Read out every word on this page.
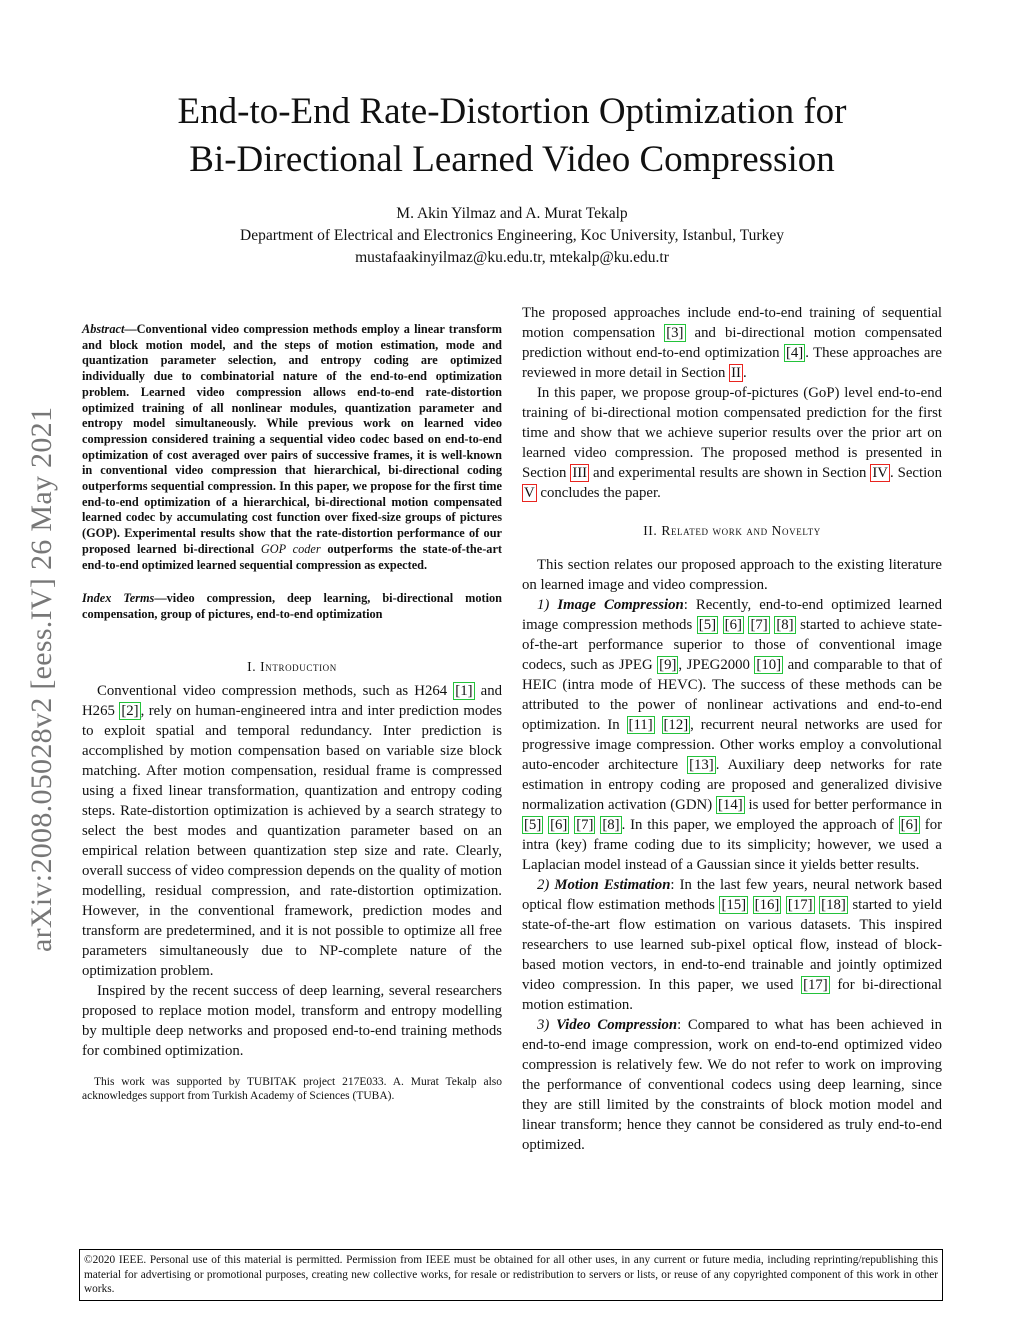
End-to-End Rate-Distortion Optimization for
Bi-Directional Learned Video Compression
M. Akin Yilmaz and A. Murat Tekalp
Department of Electrical and Electronics Engineering, Koc University, Istanbul, Turkey
mustafaakinyilmaz@ku.edu.tr, mtekalp@ku.edu.tr
arXiv:2008.05028v2 [eess.IV] 26 May 2021

Abstract—Conventional video compression methods employ a linear transform and block motion model, and the steps of motion estimation, mode and quantization parameter selection, and entropy coding are optimized individually due to combinatorial nature of the end-to-end optimization problem. Learned video compression allows end-to-end rate-distortion optimized training of all nonlinear modules, quantization parameter and entropy model simultaneously. While previous work on learned video compression considered training a sequential video codec based on end-to-end optimization of cost averaged over pairs of successive frames, it is well-known in conventional video compression that hierarchical, bi-directional coding outperforms sequential compression. In this paper, we propose for the first time end-to-end optimization of a hierarchical, bi-directional motion compensated learned codec by accumulating cost function over fixed-size groups of pictures (GOP). Experimental results show that the rate-distortion performance of our proposed learned bi-directional GOP coder outperforms the state-of-the-art end-to-end optimized learned sequential compression as expected.

Index Terms—video compression, deep learning, bi-directional motion compensation, group of pictures, end-to-end optimization

I. Introduction

Conventional video compression methods, such as H264 [1] and H265 [2] , rely on human-engineered intra and inter prediction modes to exploit spatial and temporal redundancy. Inter prediction is accomplished by motion compensation based on variable size block matching. After motion compensation, residual frame is compressed using a fixed linear transformation, quantization and entropy coding steps. Rate-distortion optimization is achieved by a search strategy to select the best modes and quantization parameter based on an empirical relation between quantization step size and rate. Clearly, overall success of video compression depends on the quality of motion modelling, residual compression, and rate-distortion optimization. However, in the conventional framework, prediction modes and transform are predetermined, and it is not possible to optimize all free parameters simultaneously due to NP-complete nature of the optimization problem.

Inspired by the recent success of deep learning, several researchers proposed to replace motion model, transform and entropy modelling by multiple deep networks and proposed end-to-end training methods for combined optimization.

This work was supported by TUBITAK project 217E033. A. Murat Tekalp also acknowledges support from Turkish Academy of Sciences (TUBA).

The proposed approaches include end-to-end training of sequential motion compensation [3] and bi-directional motion compensated prediction without end-to-end optimization [4] . These approaches are reviewed in more detail in Section II .

In this paper, we propose group-of-pictures (GoP) level end-to-end training of bi-directional motion compensated prediction for the first time and show that we achieve superior results over the prior art on learned video compression. The proposed method is presented in Section III and experimental results are shown in Section IV . Section V concludes the paper.

II. Related work and Novelty

This section relates our proposed approach to the existing literature on learned image and video compression.

1) Image Compression: Recently, end-to-end optimized learned image compression methods [5] [6] [7] [8] started to achieve state-of-the-art performance superior to those of conventional image codecs, such as JPEG [9] , JPEG2000 [10] and comparable to that of HEIC (intra mode of HEVC). The success of these methods can be attributed to the power of nonlinear activations and end-to-end optimization. In [11] [12] , recurrent neural networks are used for progressive image compression. Other works employ a convolutional auto-encoder architecture [13] . Auxiliary deep networks for rate estimation in entropy coding are proposed and generalized divisive normalization activation (GDN) [14] is used for better performance in [5] [6] [7] [8] . In this paper, we employed the approach of [6] for intra (key) frame coding due to its simplicity; however, we used a Laplacian model instead of a Gaussian since it yields better results.

2) Motion Estimation: In the last few years, neural network based optical flow estimation methods [15] [16] [17] [18] started to yield state-of-the-art flow estimation on various datasets. This inspired researchers to use learned sub-pixel optical flow, instead of block-based motion vectors, in end-to-end trainable and jointly optimized video compression. In this paper, we used [17] for bi-directional motion estimation.

3) Video Compression: Compared to what has been achieved in end-to-end image compression, work on end-to-end optimized video compression is relatively few. We do not refer to work on improving the performance of conventional codecs using deep learning, since they are still limited by the constraints of block motion model and linear transform; hence they cannot be considered as truly end-to-end optimized.

©2020 IEEE. Personal use of this material is permitted. Permission from IEEE must be obtained for all other uses, in any current or future media, including reprinting/republishing this material for advertising or promotional purposes, creating new collective works, for resale or redistribution to servers or lists, or reuse of any copyrighted component of this work in other works.
